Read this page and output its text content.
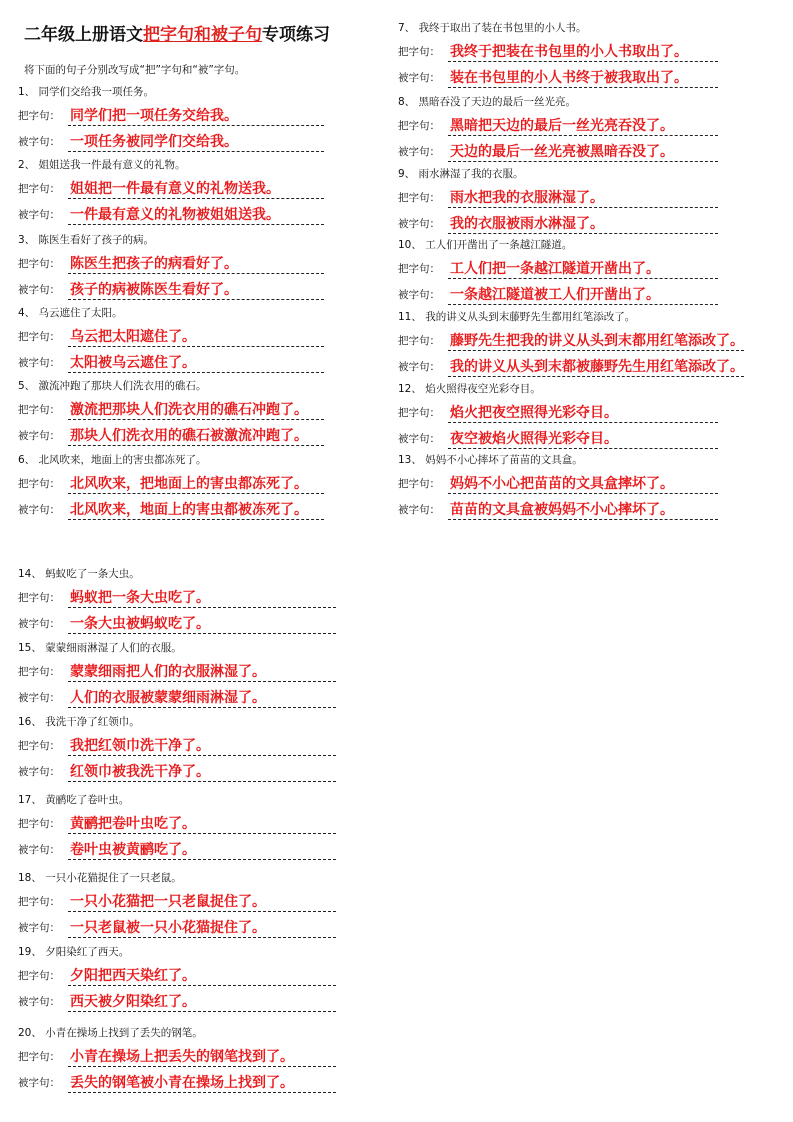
二年级上册语文把字句和被子句专项练习
将下面的句子分别改写成“把”字句和“被”字句。
1、 同学们交给我一项任务。
把字句： 同学们把一项任务交给我。
被字句： 一项任务被同学们交给我。
2、 姐姐送我一件最有意义的礼物。
把字句： 姐姐把一件最有意义的礼物送我。
被字句： 一件最有意义的礼物被姐姐送我。
3、 陈医生看好了孩子的病。
把字句： 陈医生把孩子的病看好了。
被字句： 孩子的病被陈医生看好了。
4、 乌云遮住了太阳。
把字句： 乌云把太阳遮住了。
被字句： 太阳被乌云遮住了。
5、 激流冲跑了那块人们洗衣用的礁石。
把字句： 激流把那块人们洗衣用的礁石冲跑了。
被字句： 那块人们洗衣用的礁石被激流冲跑了。
6、 北风吹来，地面上的害虫都冻死了。
把字句： 北风吹来，把地面上的害虫都冻死了。
被字句： 北风吹来，地面上的害虫都被冻死了。
7、 我终于取出了装在书包里的小人书。
把字句： 我终于把装在书包里的小人书取出了。
被字句： 装在书包里的小人书终于被我取出了。
8、 黑暗吞没了天边的最后一丝光亮。
把字句： 黑暗把天边的最后一丝光亮吞没了。
被字句： 天边的最后一丝光亮被黑暗吞没了。
9、 雨水淋湿了我的衣服。
把字句： 雨水把我的衣服淋湿了。
被字句： 我的衣服被雨水淋湿了。
10、 工人们开凿出了一条越江隧道。
把字句： 工人们把一条越江隧道开凿出了。
被字句： 一条越江隧道被工人们开凿出了。
11、 我的讲义从头到末藤野先生都用红笔添改了。
把字句： 藤野先生把我的讲义从头到末都用红笔添改了。
被字句： 我的讲义从头到末都被藤野先生用红笔添改了。
12、 焰火照得夜空光彩夺目。
把字句： 焰火把夜空照得光彩夺目。
被字句： 夜空被焰火照得光彩夺目。
13、 妈妈不小心摔坏了苗苗的文具盒。
把字句： 妈妈不小心把苗苗的文具盒摔坏了。
被字句： 苗苗的文具盒被妈妈不小心摔坏了。
14、 蚂蚁吃了一条大虫。
把字句： 蚂蚁把一条大虫吃了。
被字句： 一条大虫被蚂蚁吃了。
15、 蒙蒙细雨淋湿了人们的衣服。
把字句： 蒙蒙细雨把人们的衣服淋湿了。
被字句： 人们的衣服被蒙蒙细雨淋湿了。
16、 我洗干净了红领巾。
把字句： 我把红领巾洗干净了。
被字句： 红领巾被我洗干净了。
17、 黄鹂吃了卷叶虫。
把字句： 黄鹂把卷叶虫吃了。
被字句： 卷叶虫被黄鹂吃了。
18、 一只小花猫捉住了一只老鼠。
把字句： 一只小花猫把一只老鼠捉住了。
被字句： 一只老鼠被一只小花猫捉住了。
19、 夕阳染红了西天。
把字句： 夕阳把西天染红了。
被字句： 西天被夕阳染红了。
20、 小青在操场上找到了丢失的钢笔。
把字句： 小青在操场上把丢失的钢笔找到了。
被字句： 丢失的钢笔被小青在操场上找到了。
